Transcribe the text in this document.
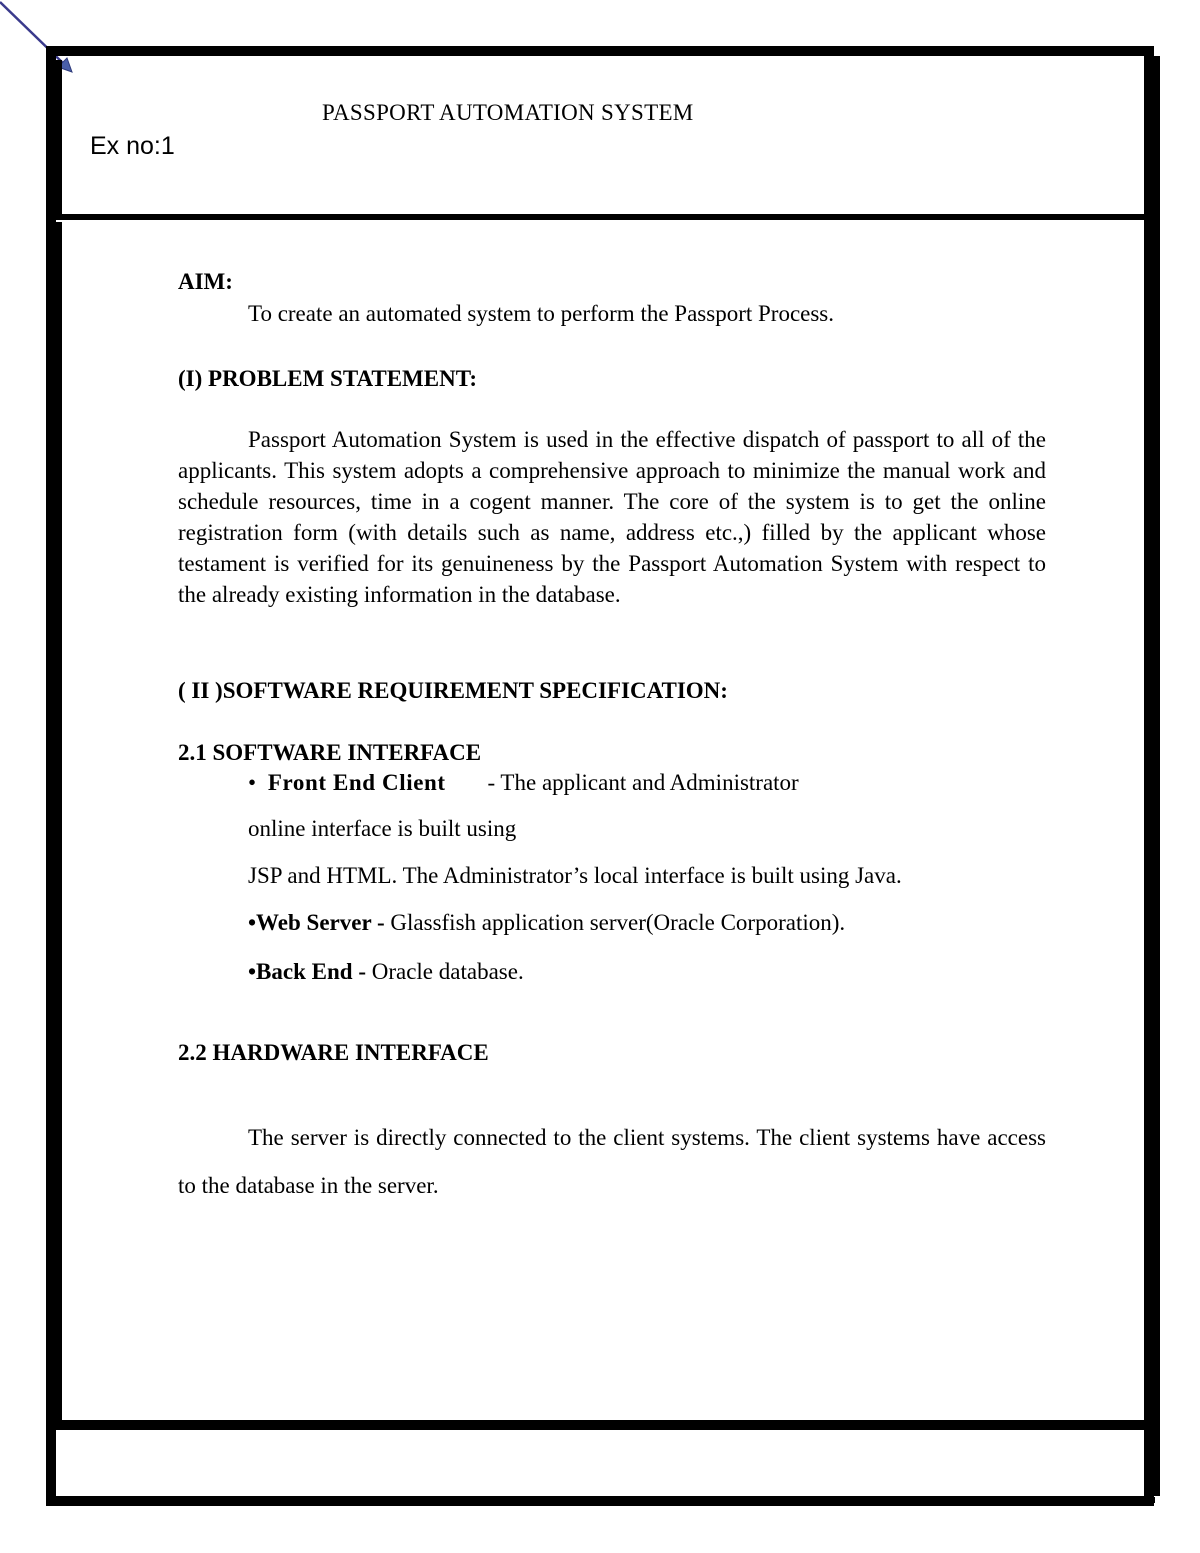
PASSPORT AUTOMATION SYSTEM
Ex no:1
AIM:
To create an automated system to perform the Passport Process.
(I) PROBLEM STATEMENT:
Passport Automation System is used in the effective dispatch of passport to all of the applicants. This system adopts a comprehensive approach to minimize the manual work and schedule resources, time in a cogent manner. The core of the system is to get the online registration form (with details such as name, address etc.,) filled by the applicant whose testament is verified for its genuineness by the Passport Automation System with respect to the already existing information in the database.
( II )SOFTWARE REQUIREMENT SPECIFICATION:
2.1 SOFTWARE INTERFACE
• Front End Client - The applicant and Administrator
online interface is built using
JSP and HTML. The Administrator’s local interface is built using Java.
•Web Server - Glassfish application server(Oracle Corporation).
•Back End - Oracle database.
2.2 HARDWARE INTERFACE
The server is directly connected to the client systems. The client systems have access to the database in the server.
